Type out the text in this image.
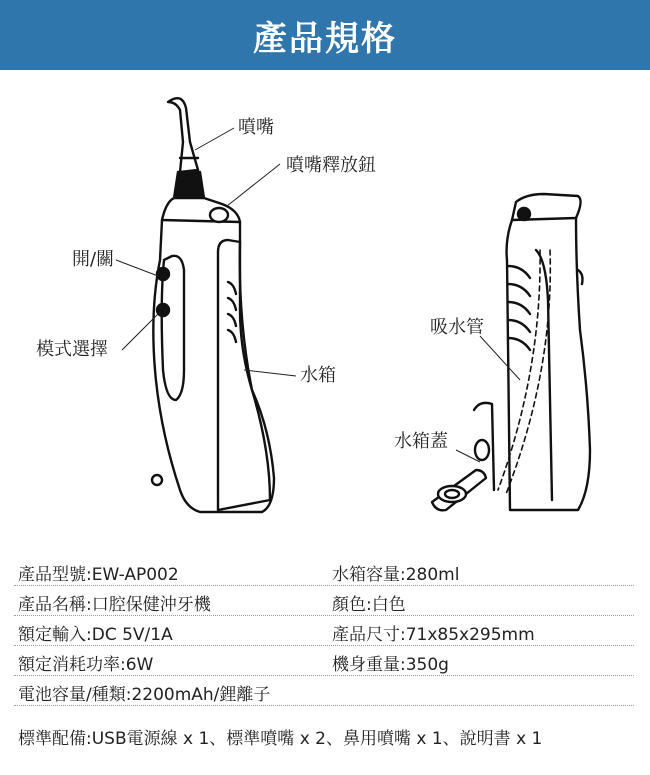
產品規格
噴嘴
噴嘴釋放鈕
開/關
模式選擇
水箱
吸水管
水箱蓋
產品型號:EW-AP002	水箱容量:280ml
產品名稱:口腔保健沖牙機	顏色:白色
額定輸入:DC 5V/1A	產品尺寸:71x85x295mm
額定消耗功率:6W	機身重量:350g
電池容量/種類:2200mAh/鋰離子
標準配備:USB電源線 x 1、標準噴嘴 x 2、鼻用噴嘴 x 1、說明書 x 1
